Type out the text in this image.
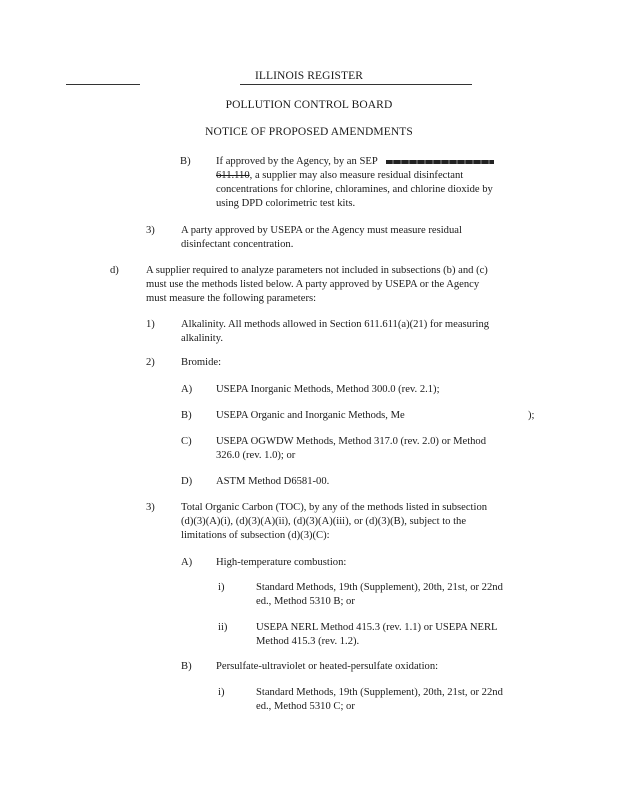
ILLINOIS REGISTER
POLLUTION CONTROL BOARD
NOTICE OF PROPOSED AMENDMENTS
B) If approved by the Agency, by an SEP
611.110, a supplier may also measure residual disinfectant
concentrations for chlorine, chloramines, and chlorine dioxide by
using DPD colorimetric test kits.
3) A party approved by USEPA or the Agency must measure residual
disinfectant concentration.
d)	A supplier required to analyze parameters not included in subsections (b) and (c)
must use the methods listed below. A party approved by USEPA or the Agency
must measure the following parameters:
1) Alkalinity. All methods allowed in Section 611.611(a)(21) for measuring
alkalinity.
2) Bromide:
A) USEPA Inorganic Methods, Method 300.0 (rev. 2.1);
B) USEPA Organic and Inorganic Methods, Me	);
C) USEPA OGWDW Methods, Method 317.0 (rev. 2.0) or Method
326.0 (rev. 1.0); or
D) ASTM Method D6581-00.
3) Total Organic Carbon (TOC), by any of the methods listed in subsection
(d)(3)(A)(i), (d)(3)(A)(ii), (d)(3)(A)(iii), or (d)(3)(B), subject to the
limitations of subsection (d)(3)(C):
A) High-temperature combustion:
i)	Standard Methods, 19th (Supplement), 20th, 21st, or 22nd
ed., Method 5310 B; or
ii)	USEPA NERL Method 415.3 (rev. 1.1) or USEPA NERL
Method 415.3 (rev. 1.2).
B) Persulfate-ultraviolet or heated-persulfate oxidation:
i)	Standard Methods, 19th (Supplement), 20th, 21st, or 22nd
ed., Method 5310 C; or
